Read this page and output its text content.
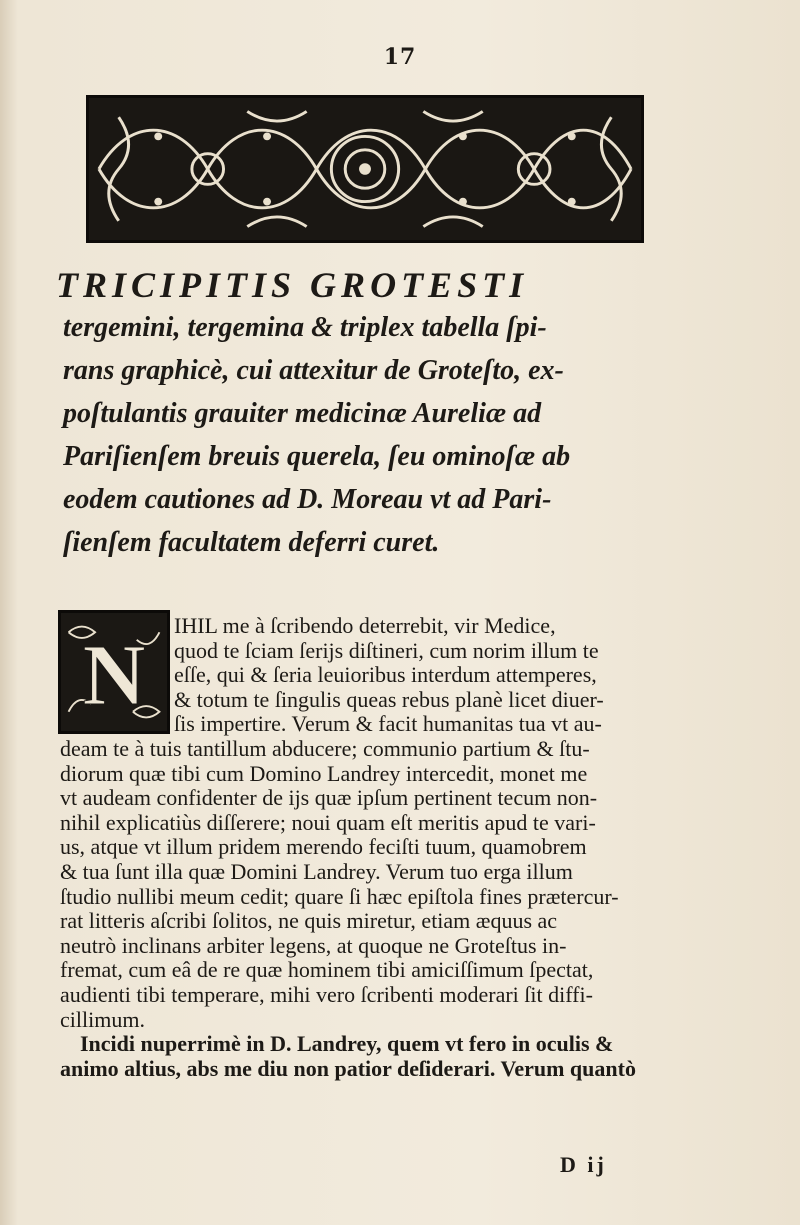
17
TRICIPITIS GROTESTI
tergemini, tergemina & triplex tabella ſpi-
rans graphicè, cui attexitur de Groteſto, ex-
poſtulantis grauiter medicinæ Aureliæ ad
Pariſienſem breuis querela, ſeu ominoſæ ab
eodem cautiones ad D. Moreau vt ad Pari-
ſienſem facultatem deferri curet.
N
IHIL me à ſcribendo deterrebit, vir Medice,
quod te ſciam ſerijs diſtineri, cum norim illum te
eſſe, qui & ſeria leuioribus interdum attemperes,
& totum te ſingulis queas rebus planè licet diuer-
ſis impertire. Verum & facit humanitas tua vt au-
deam te à tuis tantillum abducere; communio partium & ſtu-
diorum quæ tibi cum Domino Landrey intercedit, monet me
vt audeam confidenter de ijs quæ ipſum pertinent tecum non-
nihil explicatiùs diſſerere; noui quam eſt meritis apud te vari-
us, atque vt illum pridem merendo feciſti tuum, quamobrem
& tua ſunt illa quæ Domini Landrey. Verum tuo erga illum
ſtudio nullibi meum cedit; quare ſi hæc epiſtola fines prætercur-
rat litteris aſcribi ſolitos, ne quis miretur, etiam æquus ac
neutrò inclinans arbiter legens, at quoque ne Groteſtus in-
fremat, cum eâ de re quæ hominem tibi amiciſſimum ſpectat,
audienti tibi temperare, mihi vero ſcribenti moderari ſit diffi-
cillimum.
Incidi nuperrimè in D. Landrey, quem vt fero in oculis &
animo altius, abs me diu non patior deſiderari. Verum quantò
D ij
